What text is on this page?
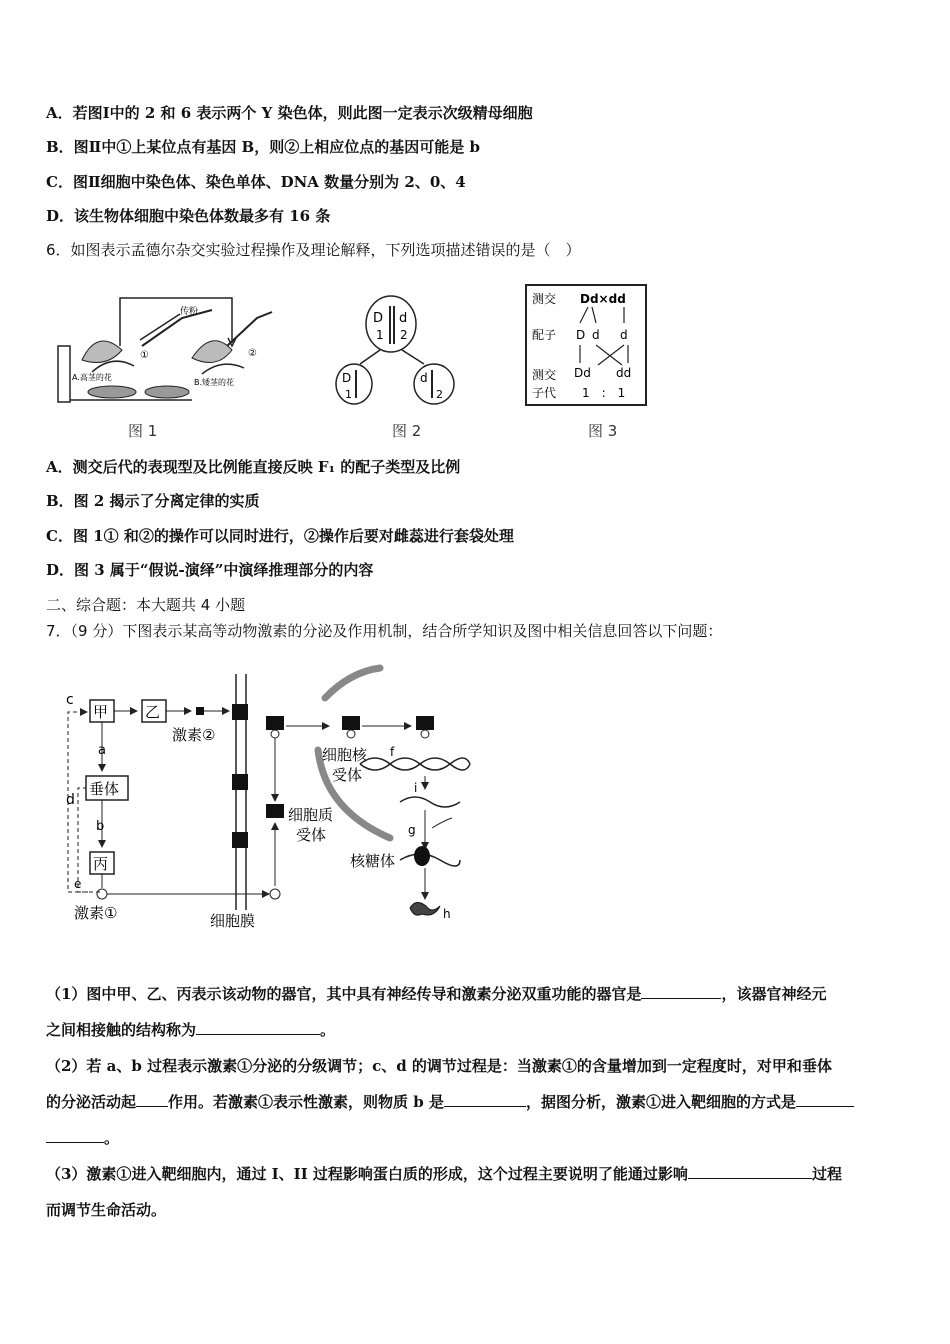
A．若图Ⅰ中的 2 和 6 表示两个 Y 染色体，则此图一定表示次级精母细胞
B．图Ⅱ中①上某位点有基因 B，则②上相应位点的基因可能是 b
C．图Ⅱ细胞中染色体、染色单体、DNA 数量分别为 2、0、4
D．该生物体细胞中染色体数最多有 16 条
6．如图表示孟德尔杂交实验过程操作及理论解释，下列选项描述错误的是（　）
传粉
①	②
A.高茎的花
B.矮茎的花
图 1
D
1
d
2
D
1
d
2
图 2
测交 Dd×dd
配子 D d d
测交 Dd dd
子代 1　:　1
图 3
A．测交后代的表现型及比例能直接反映 F₁ 的配子类型及比例
B．图 2 揭示了分离定律的实质
C．图 1① 和②的操作可以同时进行，②操作后要对雌蕊进行套袋处理
D．图 3 属于“假说-演绎”中演绎推理部分的内容
二、综合题：本大题共 4 小题
7．（9 分）下图表示某高等动物激素的分泌及作用机制，结合所学知识及图中相关信息回答以下问题：
c
d
甲 乙
激素②
a
垂体
b
丙
e
激素①	细胞膜
细胞质
受体
细胞核
受体
f
i
g
核糖体
h
（1）图中甲、乙、丙表示该动物的器官，其中具有神经传导和激素分泌双重功能的器官是	，该器官神经元
之间相接触的结构称为	。
（2）若 a、b 过程表示激素①分泌的分级调节；c、d 的调节过程是：当激素①的含量增加到一定程度时，对甲和垂体
的分泌活动起 作用。若激素①表示性激素，则物质 b 是	，据图分析，激素①进入靶细胞的方式是
。
（3）激素①进入靶细胞内，通过 I、II 过程影响蛋白质的形成，这个过程主要说明了能通过影响	过程
而调节生命活动。
